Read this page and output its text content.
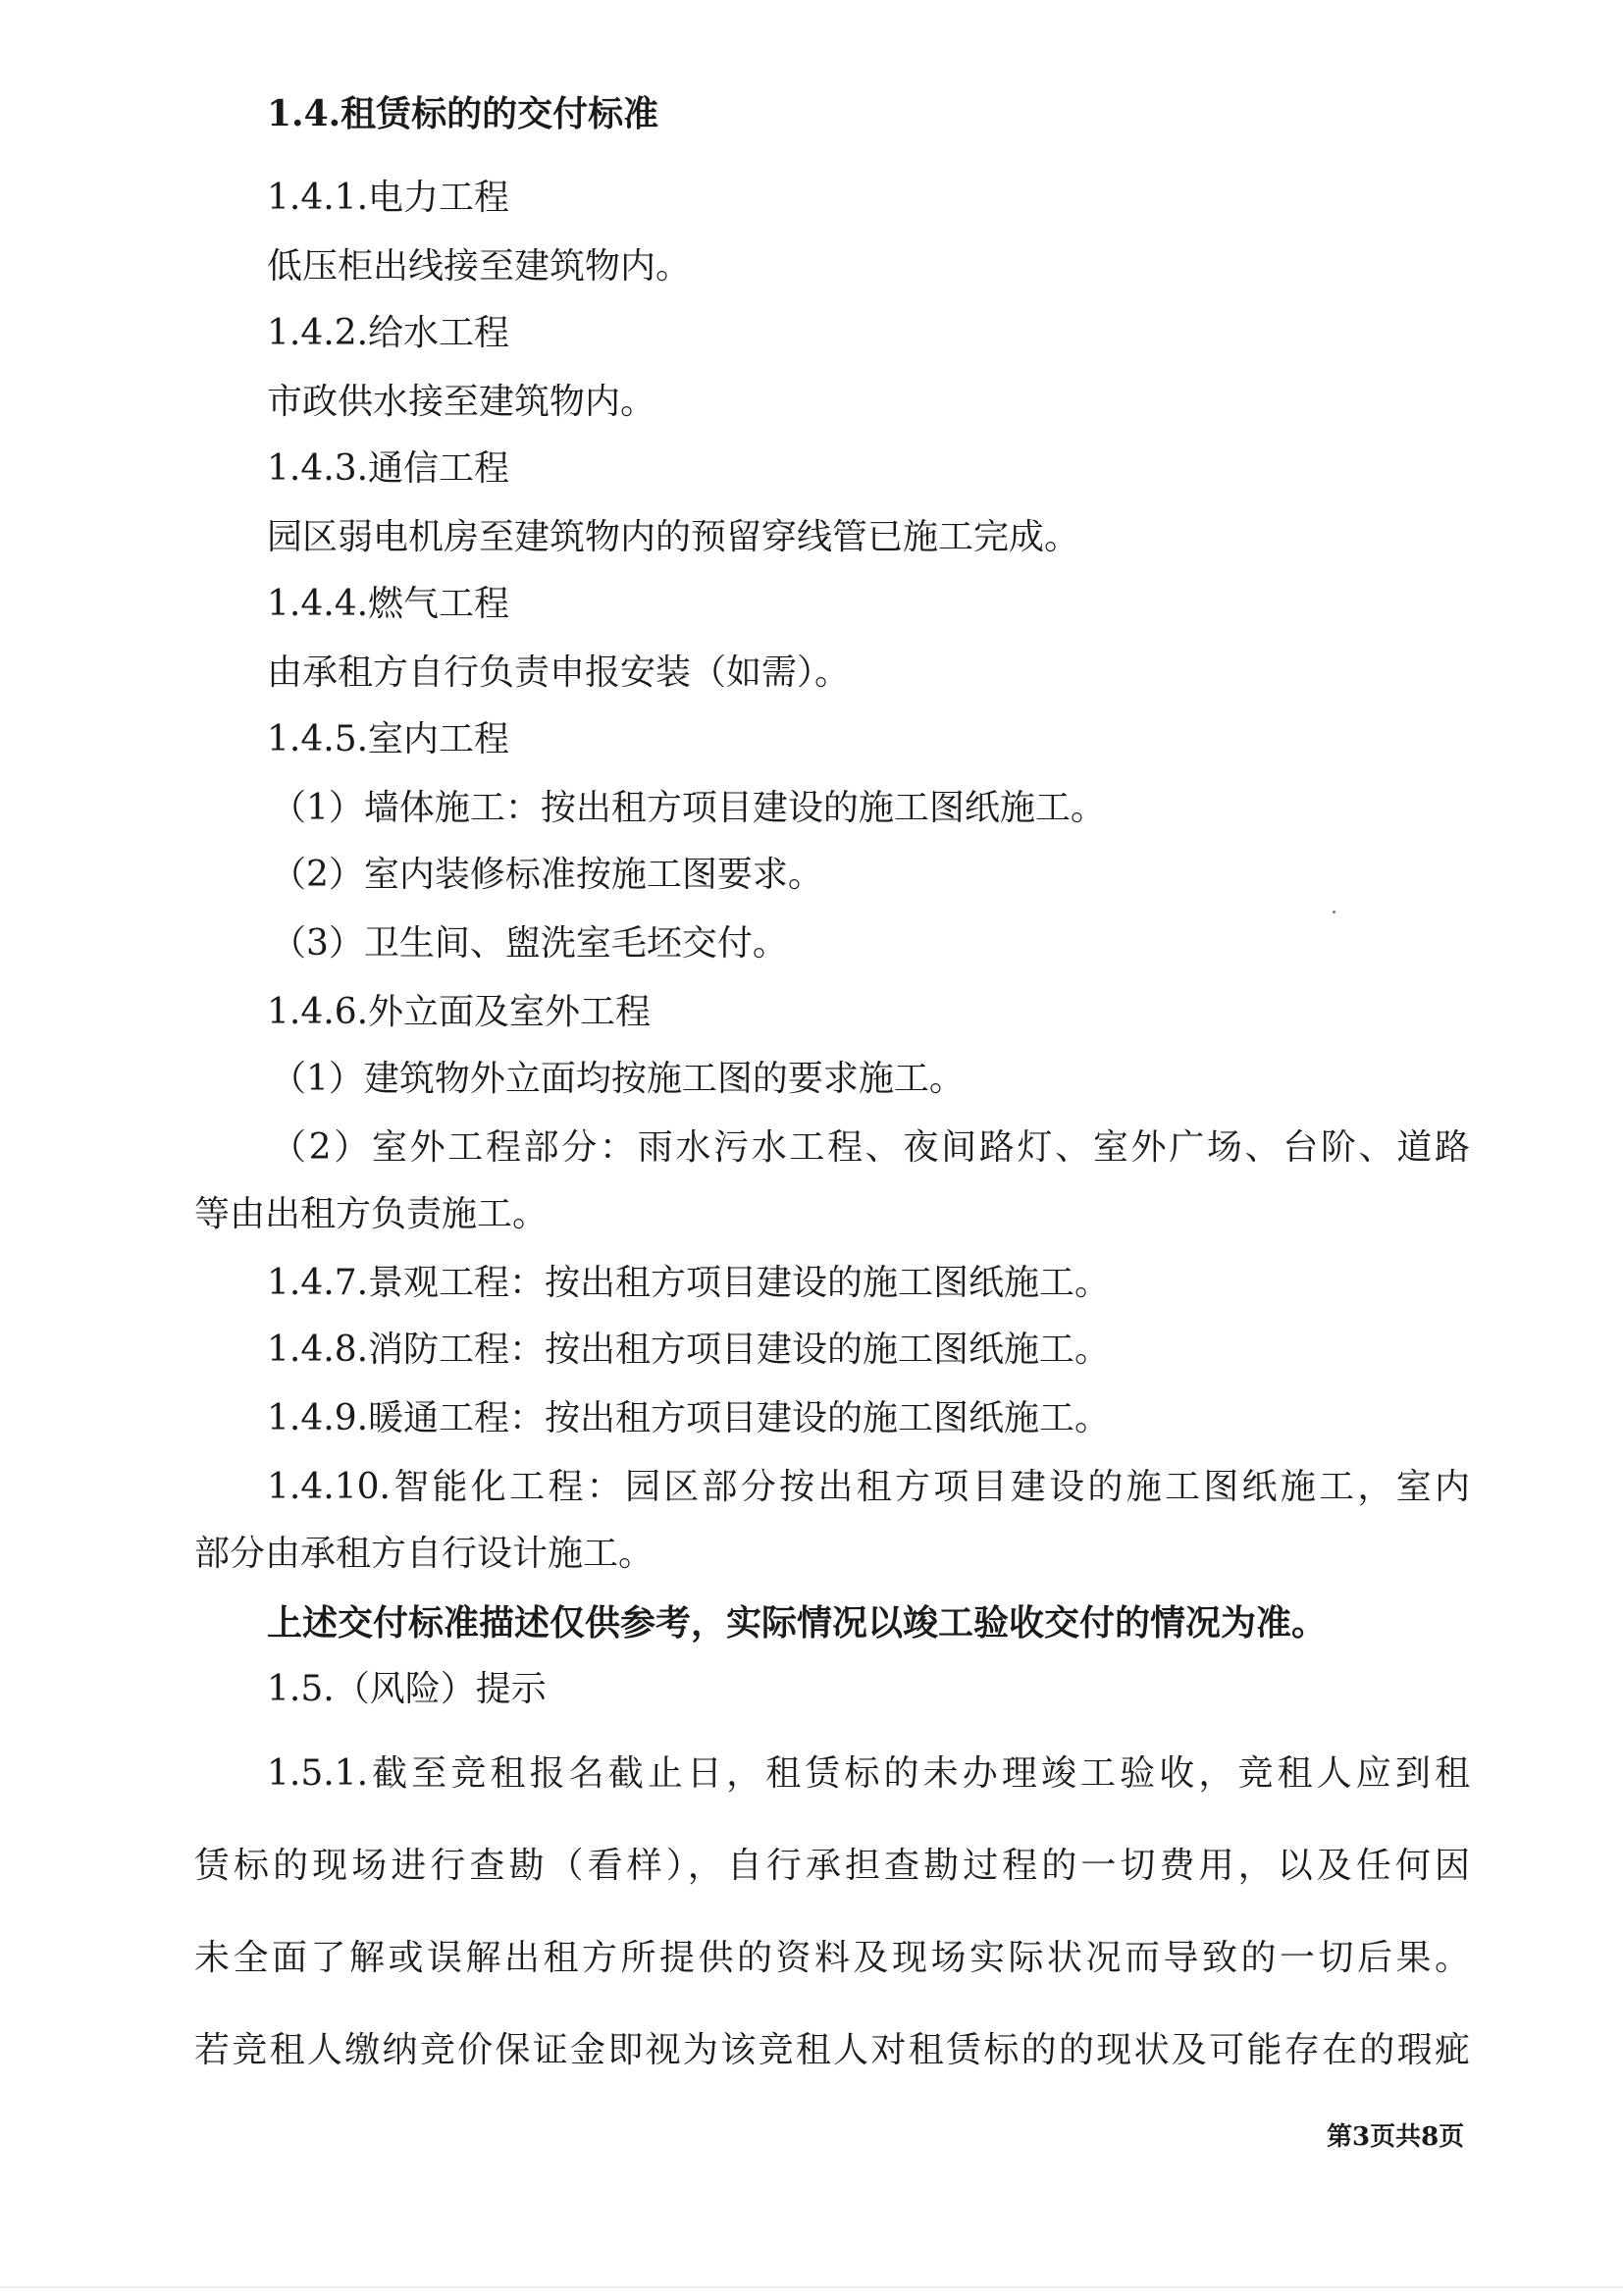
1.4.租赁标的的交付标准

1.4.1.电力工程

低压柜出线接至建筑物内。

1.4.2.给水工程

市政供水接至建筑物内。

1.4.3.通信工程

园区弱电机房至建筑物内的预留穿线管已施工完成。

1.4.4.燃气工程

由承租方自行负责申报安装（如需）。

1.4.5.室内工程

（1）墙体施工：按出租方项目建设的施工图纸施工。

（2）室内装修标准按施工图要求。

（3）卫生间、盥洗室毛坯交付。

1.4.6.外立面及室外工程

（1）建筑物外立面均按施工图的要求施工。

（2）室外工程部分：雨水污水工程、夜间路灯、室外广场、台阶、道路

等由出租方负责施工。

1.4.7.景观工程：按出租方项目建设的施工图纸施工。

1.4.8.消防工程：按出租方项目建设的施工图纸施工。

1.4.9.暖通工程：按出租方项目建设的施工图纸施工。

1.4.10.智能化工程：园区部分按出租方项目建设的施工图纸施工，室内

部分由承租方自行设计施工。

上述交付标准描述仅供参考，实际情况以竣工验收交付的情况为准。

1.5.（风险）提示

1.5.1.截至竞租报名截止日，租赁标的未办理竣工验收，竞租人应到租

赁标的现场进行查勘（看样），自行承担查勘过程的一切费用，以及任何因

未全面了解或误解出租方所提供的资料及现场实际状况而导致的一切后果。

若竞租人缴纳竞价保证金即视为该竞租人对租赁标的的现状及可能存在的瑕疵

第3页共8页
